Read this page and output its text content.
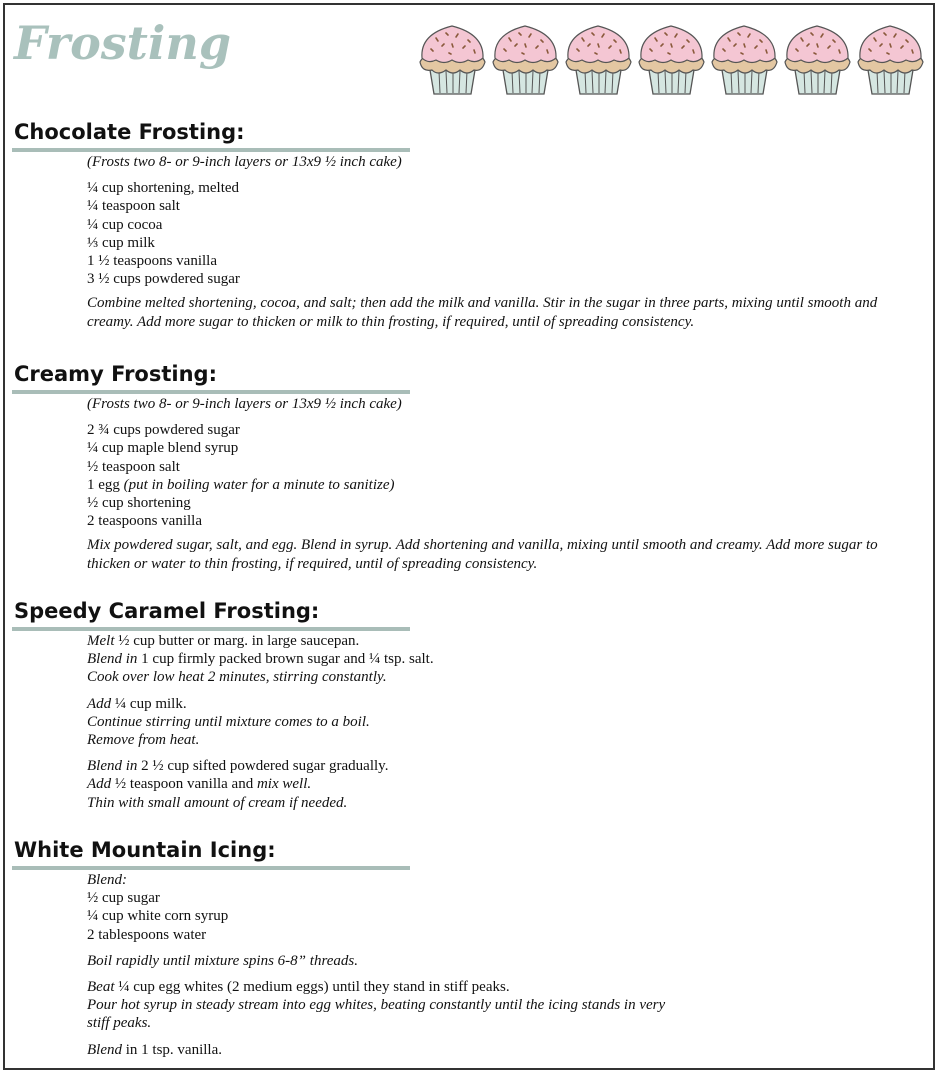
Frosting
Chocolate Frosting:
(Frosts two 8- or 9-inch layers or 13x9 ½ inch cake)
¼ cup shortening, melted
¼ teaspoon salt
¼ cup cocoa
⅓ cup milk
1 ½ teaspoons vanilla
3 ½ cups powdered sugar
Combine melted shortening, cocoa, and salt; then add the milk and vanilla. Stir in the sugar in three parts, mixing until smooth and creamy. Add more sugar to thicken or milk to thin frosting, if required, until of spreading consistency.
Creamy Frosting:
(Frosts two 8- or 9-inch layers or 13x9 ½ inch cake)
2 ¾ cups powdered sugar
¼ cup maple blend syrup
½ teaspoon salt
1 egg (put in boiling water for a minute to sanitize)
½ cup shortening
2 teaspoons vanilla
Mix powdered sugar, salt, and egg. Blend in syrup. Add shortening and vanilla, mixing until smooth and creamy. Add more sugar to thicken or water to thin frosting, if required, until of spreading consistency.
Speedy Caramel Frosting:
Melt ½ cup butter or marg. in large saucepan.
Blend in 1 cup firmly packed brown sugar and ¼ tsp. salt.
Cook over low heat 2 minutes, stirring constantly.
Add ¼ cup milk.
Continue stirring until mixture comes to a boil.
Remove from heat.
Blend in 2 ½ cup sifted powdered sugar gradually.
Add ½ teaspoon vanilla and mix well.
Thin with small amount of cream if needed.
White Mountain Icing:
Blend:
½ cup sugar
¼ cup white corn syrup
2 tablespoons water
Boil rapidly until mixture spins 6-8” threads.
Beat ¼ cup egg whites (2 medium eggs) until they stand in stiff peaks.
Pour hot syrup in steady stream into egg whites, beating constantly until the icing stands in very
stiff peaks.
Blend in 1 tsp. vanilla.
